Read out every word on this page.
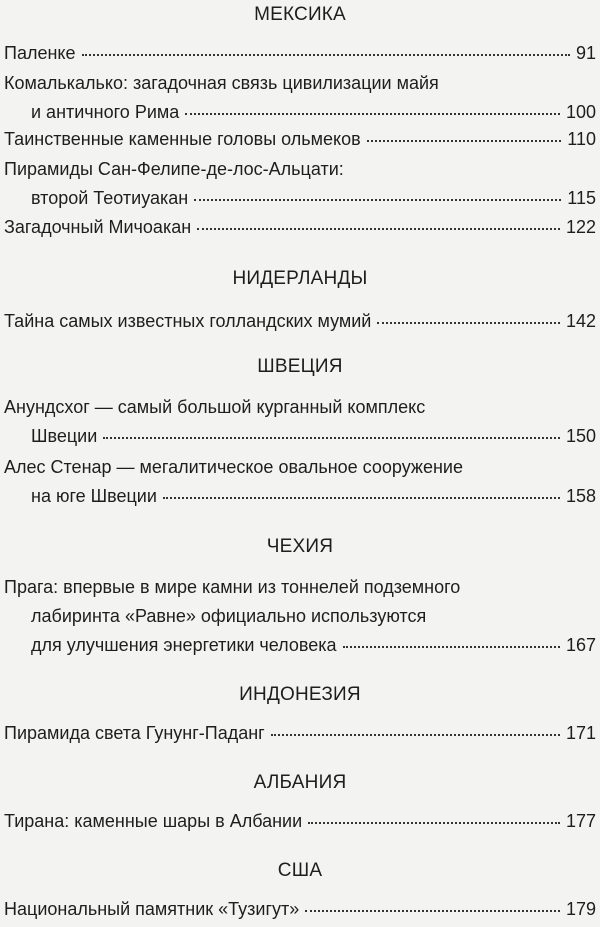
МЕКСИКА
Паленке	91
Комалькалько: загадочная связь цивилизации майя
и античного Рима	100
Таинственные каменные головы ольмеков	110
Пирамиды Сан-Фелипе-де-лос-Альцати:
второй Теотиуакан	115
Загадочный Мичоакан	122
НИДЕРЛАНДЫ
Тайна самых известных голландских мумий	142
ШВЕЦИЯ
Анундсхог — самый большой курганный комплекс
Швеции	150
Алес Стенар — мегалитическое овальное сооружение
на юге Швеции	158
ЧЕХИЯ
Прага: впервые в мире камни из тоннелей подземного
лабиринта «Равне» официально используются
для улучшения энергетики человека	167
ИНДОНЕЗИЯ
Пирамида света Гунунг-Паданг	171
АЛБАНИЯ
Тирана: каменные шары в Албании	177
США
Национальный памятник «Тузигут»	179
